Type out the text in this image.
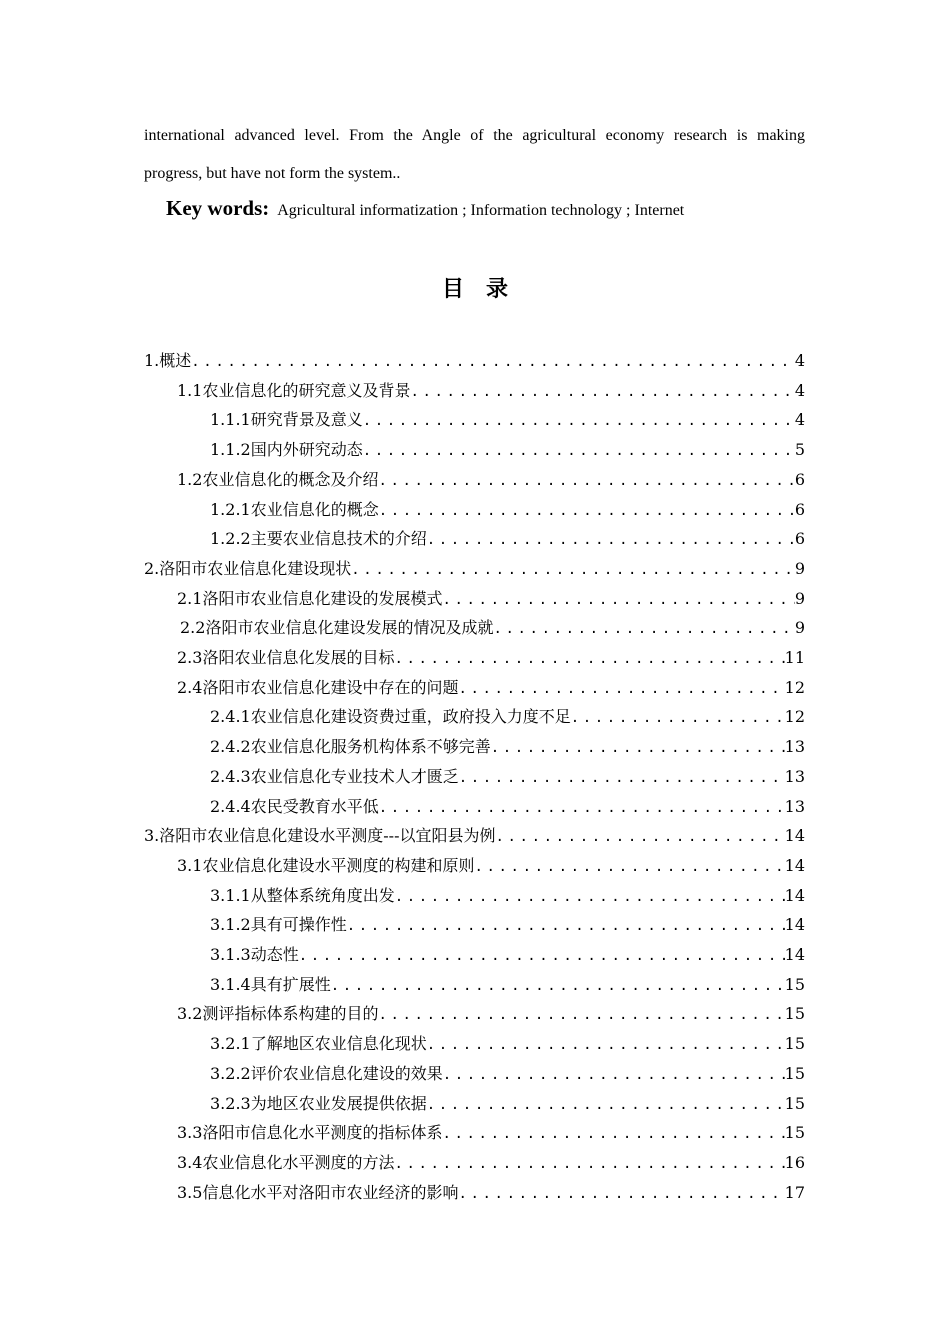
international advanced level. From the Angle of the agricultural economy research is making
progress, but have not form the system..
Key words: Agricultural informatization ; Information technology ; Internet
目录
1.概述 .....	4
1.1农业信息化的研究意义及背景 .....	4
1.1.1研究背景及意义 .....	4
1.1.2国内外研究动态 .....	5
1.2农业信息化的概念及介绍 .....	6
1.2.1农业信息化的概念 .....	6
1.2.2主要农业信息技术的介绍 .....	6
2.洛阳市农业信息化建设现状 .....	9
2.1洛阳市农业信息化建设的发展模式 .....	9
2.2洛阳市农业信息化建设发展的情况及成就 .....	9
2.3洛阳农业信息化发展的目标 .....	11
2.4洛阳市农业信息化建设中存在的问题 .....	12
2.4.1农业信息化建设资费过重，政府投入力度不足 .....	12
2.4.2农业信息化服务机构体系不够完善 .....	13
2.4.3农业信息化专业技术人才匮乏 .....	13
2.4.4农民受教育水平低 .....	13
3.洛阳市农业信息化建设水平测度---以宜阳县为例 .....	14
3.1农业信息化建设水平测度的构建和原则 .....	14
3.1.1从整体系统角度出发 .....	14
3.1.2具有可操作性 .....	14
3.1.3动态性 .....	14
3.1.4具有扩展性 .....	15
3.2测评指标体系构建的目的 .....	15
3.2.1了解地区农业信息化现状 .....	15
3.2.2评价农业信息化建设的效果 .....	15
3.2.3为地区农业发展提供依据 .....	15
3.3洛阳市信息化水平测度的指标体系 .....	15
3.4农业信息化水平测度的方法 .....	16
3.5信息化水平对洛阳市农业经济的影响 .....	17
